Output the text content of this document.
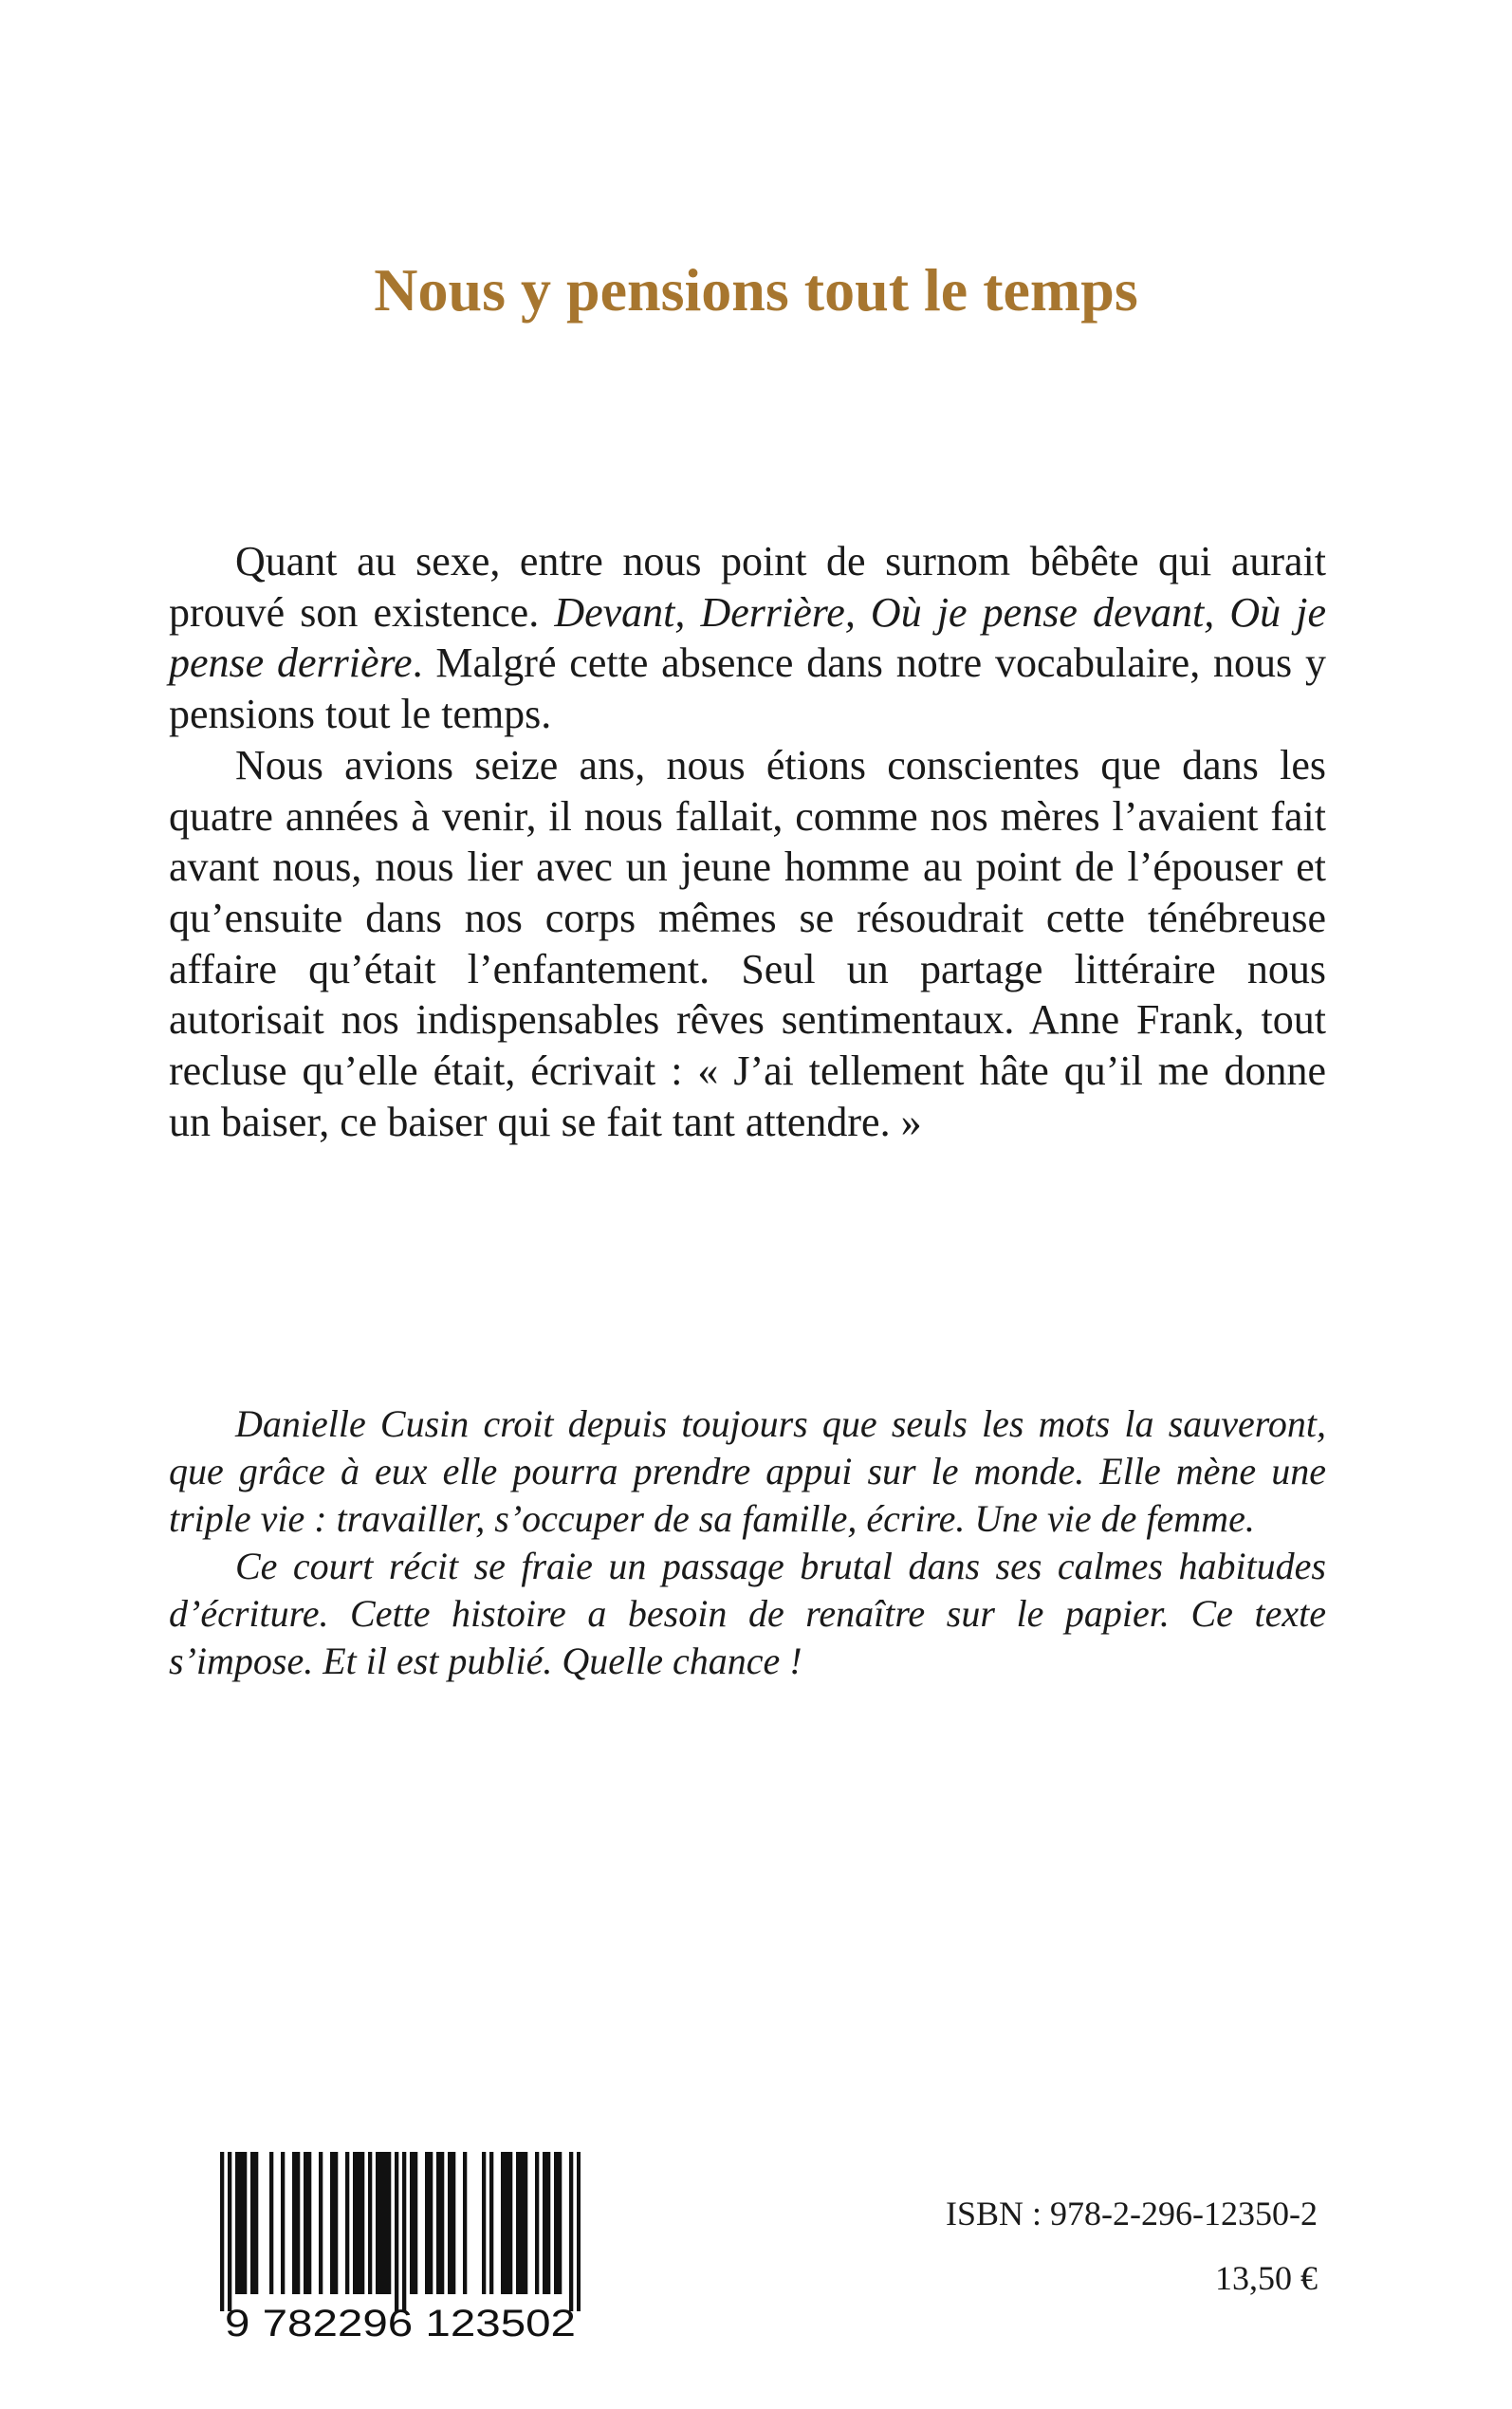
Nous y pensions tout le temps

Quant au sexe, entre nous point de surnom bêbête qui aurait prouvé son existence. Devant, Derrière, Où je pense devant, Où je pense derrière. Malgré cette absence dans notre vocabulaire, nous y pensions tout le temps.

Nous avions seize ans, nous étions conscientes que dans les quatre années à venir, il nous fallait, comme nos mères l’avaient fait avant nous, nous lier avec un jeune homme au point de l’épouser et qu’ensuite dans nos corps mêmes se résoudrait cette ténébreuse affaire qu’était l’enfantement. Seul un partage littéraire nous autorisait nos indispensables rêves sentimentaux. Anne Frank, tout recluse qu’elle était, écrivait : « J’ai tellement hâte qu’il me donne un baiser, ce baiser qui se fait tant attendre. »

Danielle Cusin croit depuis toujours que seuls les mots la sauveront, que grâce à eux elle pourra prendre appui sur le monde. Elle mène une triple vie : travailler, s’occuper de sa famille, écrire. Une vie de femme.

Ce court récit se fraie un passage brutal dans ses calmes habitudes d’écriture. Cette histoire a besoin de renaître sur le papier. Ce texte s’impose. Et il est publié. Quelle chance !

9 782296 123502

ISBN : 978-2-296-12350-2

13,50 €
